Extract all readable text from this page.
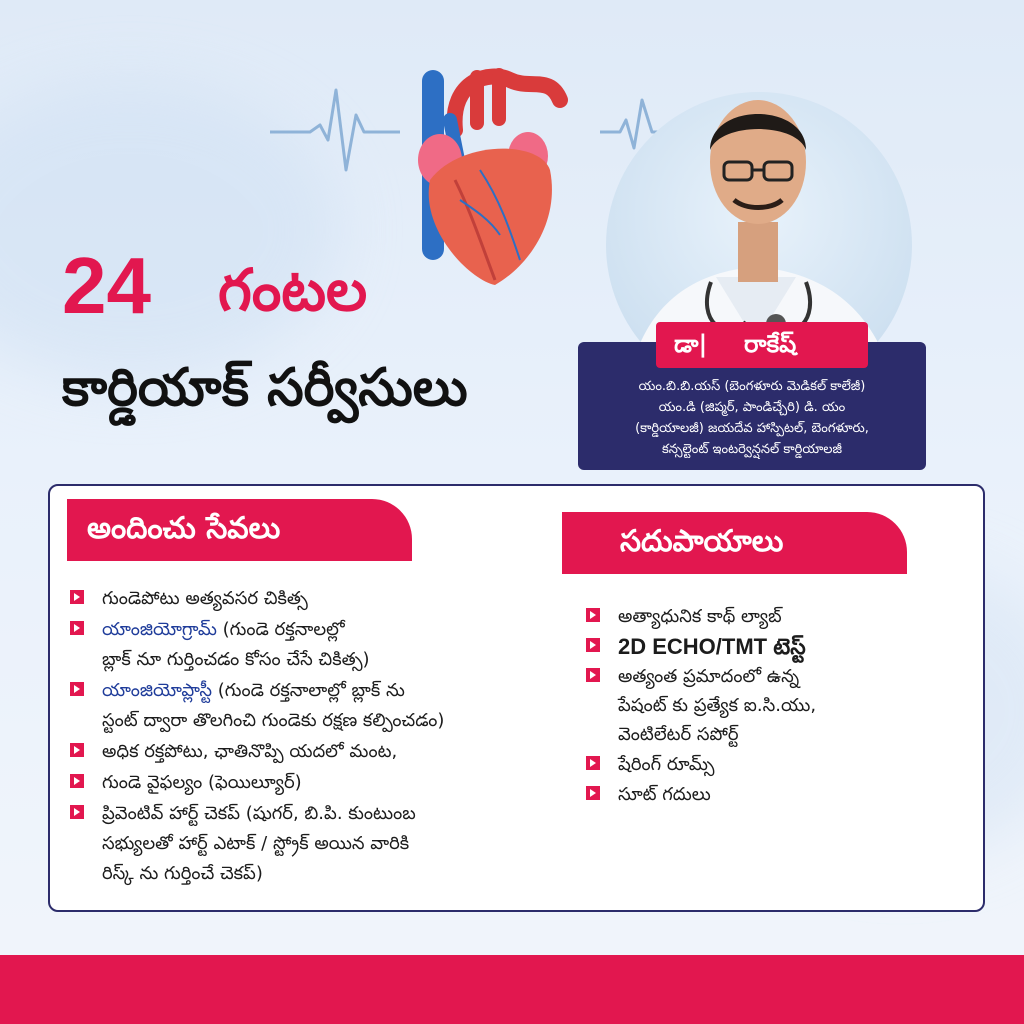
24 గంటల
కార్డియాక్ సర్వీసులు
డా| రాకేష్
యం.బి.బి.యస్ (బెంగళూరు మెడికల్ కాలేజీ)
యం.డి (జిప్మర్, పాండిచ్చేరి) డి. యం
(కార్డియాలజీ) జయదేవ హాస్పిటల్, బెంగళూరు,
కన్సల్టెంట్ ఇంటర్వెన్షనల్ కార్డియాలజీ
అందించు సేవలు	సదుపాయాలు
గుండెపోటు అత్యవసర చికిత్స
యాంజియోగ్రామ్ (గుండె రక్తనాలల్లో
బ్లాక్ నూ గుర్తించడం కోసం చేసే చికిత్స)
యాంజియోప్లాస్టీ (గుండె రక్తనాలాల్లో బ్లాక్ ను
స్టంట్ ద్వారా తొలగించి గుండెకు రక్షణ కల్పించడం)
అధిక రక్తపోటు, ఛాతినొప్పి యదలో మంట,
గుండె వైఫల్యం (ఫెయిల్యూర్)
ప్రివెంటివ్ హార్ట్ చెకప్ (షుగర్, బి.పి. కుంటుంబ
సభ్యులతో హార్ట్ ఎటాక్ / స్ట్రోక్ అయిన వారికి
రిస్క్ ను గుర్తించే చెకప్)
అత్యాధునిక కాథ్ ల్యాబ్
2D ECHO/TMT టెస్ట్
అత్యంత ప్రమాదంలో ఉన్న
పేషంట్ కు ప్రత్యేక ఐ.సి.యు,
వెంటిలేటర్ సపోర్ట్
షేరింగ్ రూమ్స్
సూట్ గదులు
